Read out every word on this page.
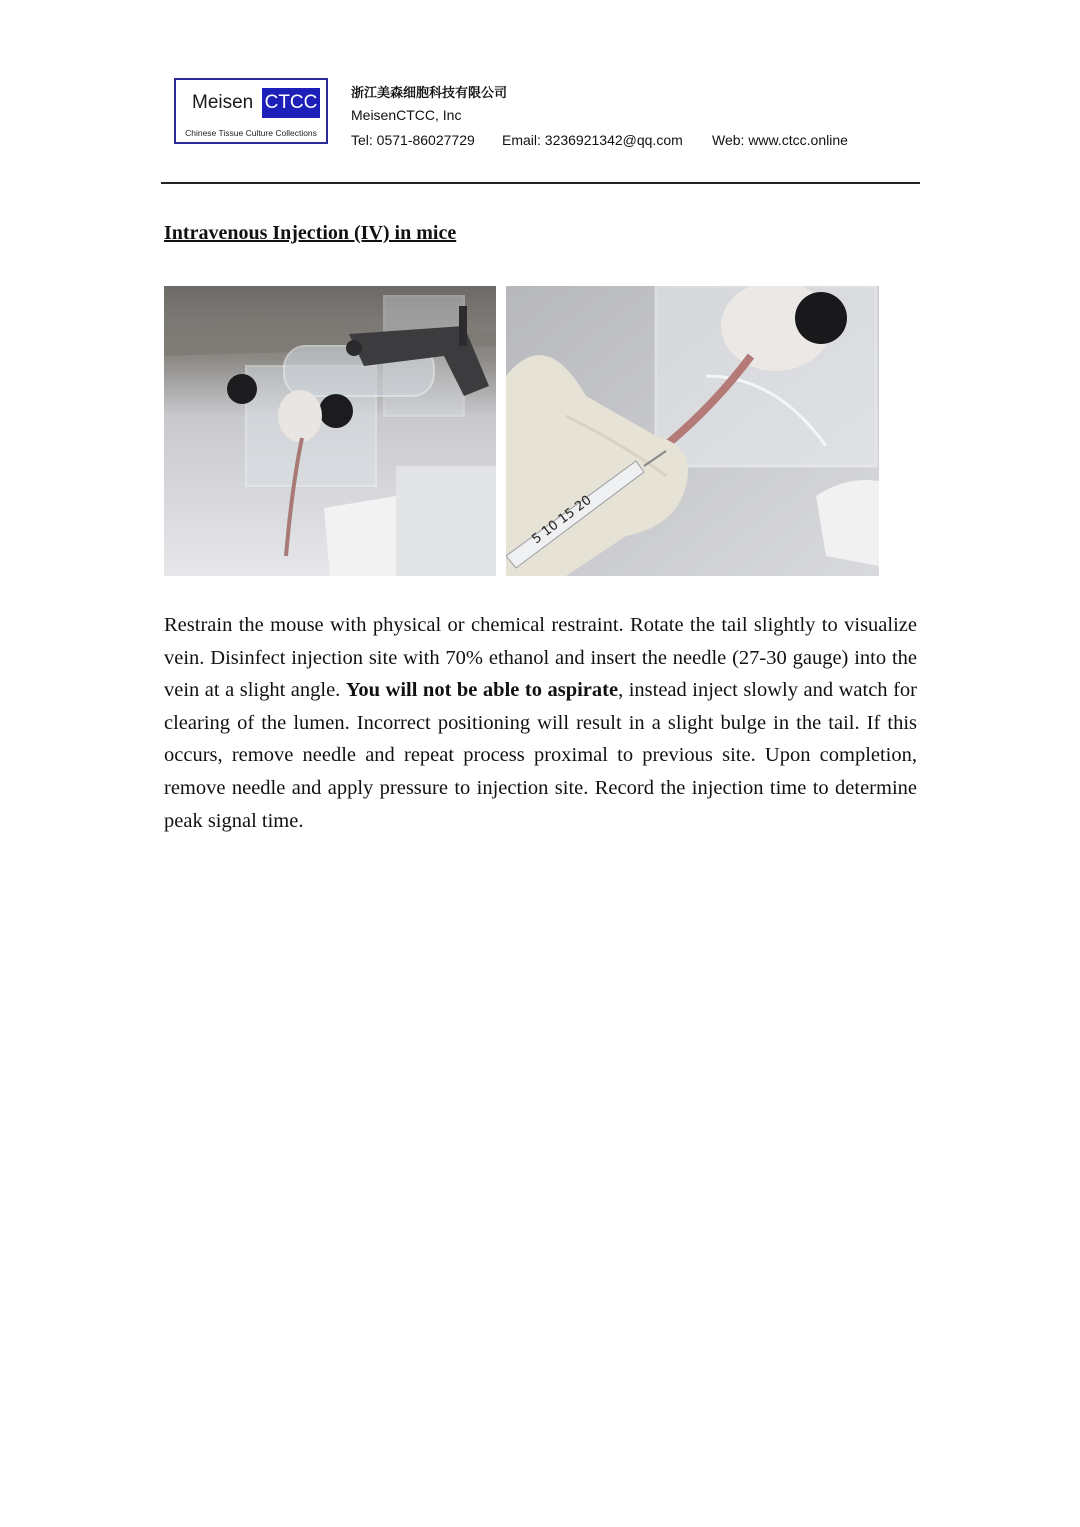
Meisen CTCC
Chinese Tissue Culture Collections
浙江美森细胞科技有限公司
MeisenCTCC, Inc
Tel: 0571-86027729 Email: 3236921342@qq.com Web: www.ctcc.online
Intravenous Injection (IV) in mice
5 10 15 20
Restrain the mouse with physical or chemical restraint. Rotate the tail slightly to visualize vein. Disinfect injection site with 70% ethanol and insert the needle (27-30 gauge) into the vein at a slight angle. You will not be able to aspirate, instead inject slowly and watch for clearing of the lumen. Incorrect positioning will result in a slight bulge in the tail. If this occurs, remove needle and repeat process proximal to previous site. Upon completion, remove needle and apply pressure to injection site. Record the injection time to determine peak signal time.
